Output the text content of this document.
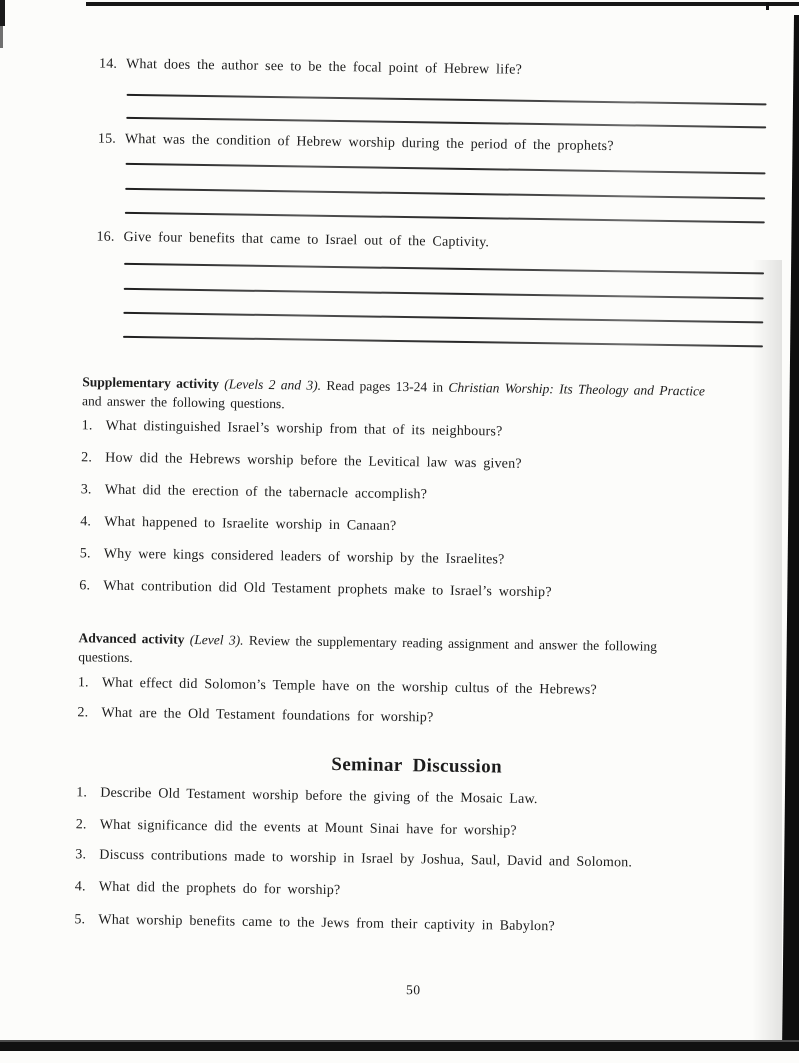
14. What does the author see to be the focal point of Hebrew life?
15. What was the condition of Hebrew worship during the period of the prophets?
16. Give four benefits that came to Israel out of the Captivity.

Supplementary activity (Levels 2 and 3). Read pages 13-24 in Christian Worship: Its Theology and Practice
and answer the following questions.

1. What distinguished Israel’s worship from that of its neighbours?
2. How did the Hebrews worship before the Levitical law was given?
3. What did the erection of the tabernacle accomplish?
4. What happened to Israelite worship in Canaan?
5. Why were kings considered leaders of worship by the Israelites?
6. What contribution did Old Testament prophets make to Israel’s worship?

Advanced activity (Level 3). Review the supplementary reading assignment and answer the following
questions.

1. What effect did Solomon’s Temple have on the worship cultus of the Hebrews?
2. What are the Old Testament foundations for worship?
Seminar Discussion
1. Describe Old Testament worship before the giving of the Mosaic Law.
2. What significance did the events at Mount Sinai have for worship?
3. Discuss contributions made to worship in Israel by Joshua, Saul, David and Solomon.
4. What did the prophets do for worship?
5. What worship benefits came to the Jews from their captivity in Babylon?
50
